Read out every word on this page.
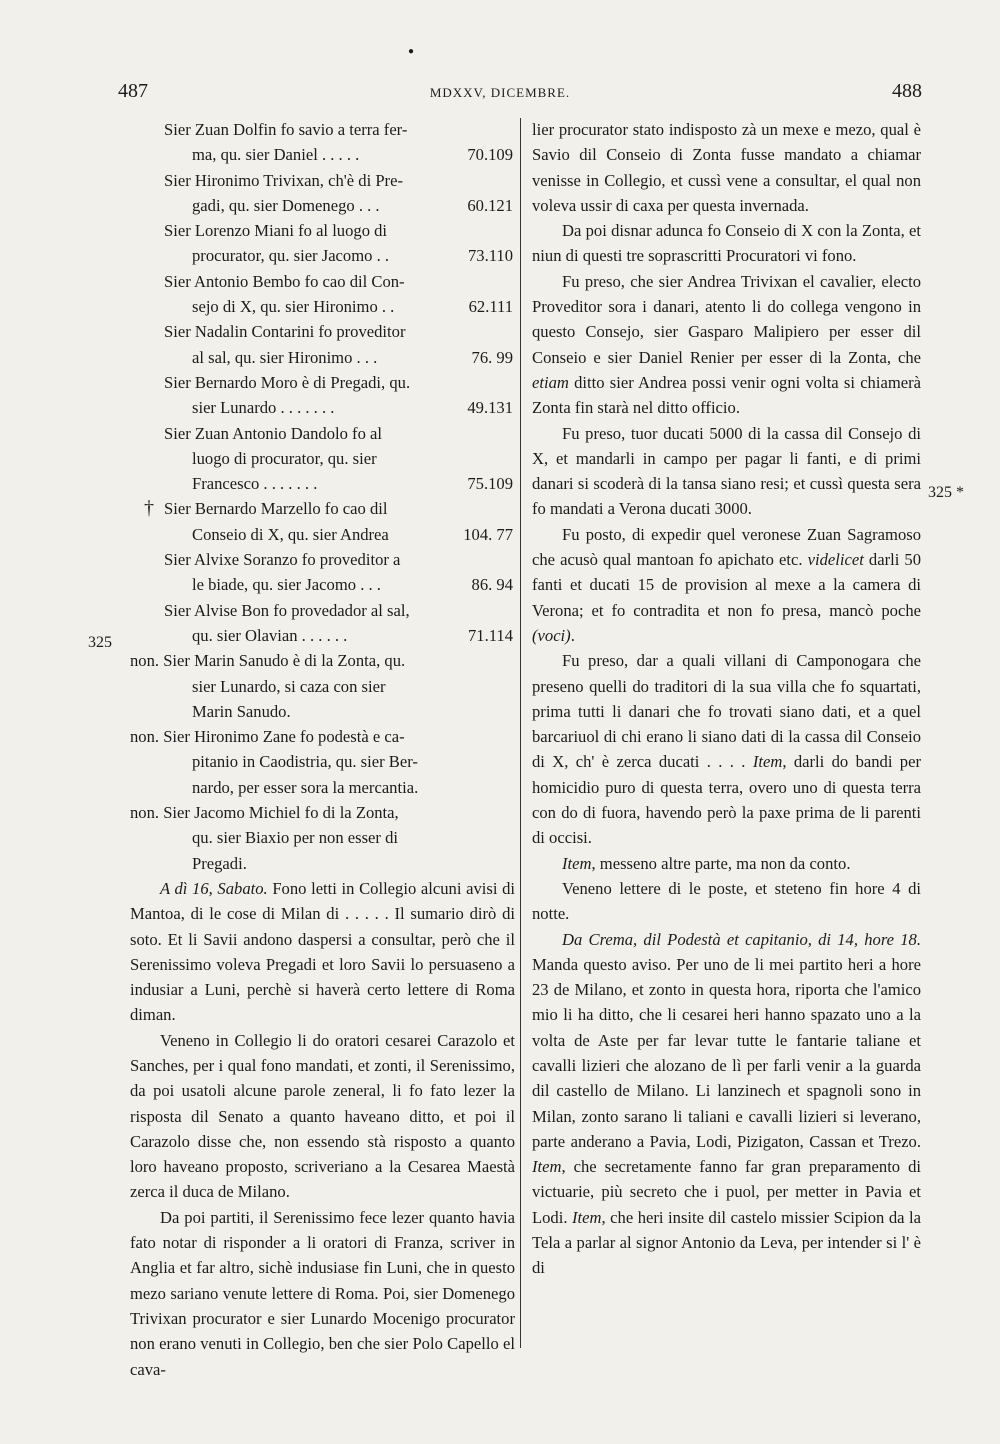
●
487	MDXXV, DICEMBRE.	488
325
325 *
Sier Zuan Dolfin fo savio a terra fer-
ma, qu. sier Daniel . . . . .	70.109
Sier Hironimo Trivixan, ch'è di Pre-
gadi, qu. sier Domenego . . .	60.121
Sier Lorenzo Miani fo al luogo di
procurator, qu. sier Jacomo . .	73.110
Sier Antonio Bembo fo cao dil Con-
sejo di X, qu. sier Hironimo . .	62.111
Sier Nadalin Contarini fo proveditor
al sal, qu. sier Hironimo . . .	76. 99
Sier Bernardo Moro è di Pregadi, qu.
sier Lunardo . . . . . . .	49.131
Sier Zuan Antonio Dandolo fo al
luogo di procurator, qu. sier
Francesco . . . . . . .	75.109
† Sier Bernardo Marzello fo cao dil
Conseio di X, qu. sier Andrea	104. 77
Sier Alvixe Soranzo fo proveditor a
le biade, qu. sier Jacomo . . .	86. 94
Sier Alvise Bon fo provedador al sal,
qu. sier Olavian . . . . . .	71.114
non. Sier Marin Sanudo è di la Zonta, qu.
sier Lunardo, si caza con sier
Marin Sanudo.
non. Sier Hironimo Zane fo podestà e ca-
pitanio in Caodistria, qu. sier Ber-
nardo, per esser sora la mercantia.
non. Sier Jacomo Michiel fo di la Zonta,
qu. sier Biaxio per non esser di
Pregadi.

A dì 16, Sabato. Fono letti in Collegio alcuni avisi di Mantoa, di le cose di Milan di . . . . . Il sumario dirò di soto. Et li Savii andono daspersi a consultar, però che il Serenissimo voleva Pregadi et loro Savii lo persuaseno a indusiar a Luni, perchè si haverà certo lettere di Roma diman.

Veneno in Collegio li do oratori cesarei Carazolo et Sanches, per i qual fono mandati, et zonti, il Serenissimo, da poi usatoli alcune parole zeneral, li fo fato lezer la risposta dil Senato a quanto haveano ditto, et poi il Carazolo disse che, non essendo stà risposto a quanto loro haveano proposto, scriveriano a la Cesarea Maestà zerca il duca de Milano.

Da poi partiti, il Serenissimo fece lezer quanto havia fato notar di risponder a li oratori di Franza, scriver in Anglia et far altro, sichè indusiase fin Luni, che in questo mezo sariano venute lettere di Roma. Poi, sier Domenego Trivixan procurator e sier Lunardo Mocenigo procurator non erano venuti in Collegio, ben che sier Polo Capello el cava-

lier procurator stato indisposto zà un mexe e mezo, qual è Savio dil Conseio di Zonta fusse mandato a chiamar venisse in Collegio, et cussì vene a consultar, el qual non voleva ussir di caxa per questa invernada.

Da poi disnar adunca fo Conseio di X con la Zonta, et niun di questi tre soprascritti Procuratori vi fono.

Fu preso, che sier Andrea Trivixan el cavalier, electo Proveditor sora i danari, atento li do collega vengono in questo Consejo, sier Gasparo Malipiero per esser dil Conseio e sier Daniel Renier per esser di la Zonta, che etiam ditto sier Andrea possi venir ogni volta si chiamerà Zonta fin starà nel ditto officio.

Fu preso, tuor ducati 5000 di la cassa dil Consejo di X, et mandarli in campo per pagar li fanti, e di primi danari si scoderà di la tansa siano resi; et cussì questa sera fo mandati a Verona ducati 3000.

Fu posto, di expedir quel veronese Zuan Sagramoso che acusò qual mantoan fo apichato etc. videlicet darli 50 fanti et ducati 15 de provision al mexe a la camera di Verona; et fo contradita et non fo presa, mancò poche (voci).

Fu preso, dar a quali villani di Camponogara che preseno quelli do traditori di la sua villa che fo squartati, prima tutti li danari che fo trovati siano dati, et a quel barcariuol di chi erano li siano dati di la cassa dil Conseio di X, ch' è zerca ducati . . . . Item, darli do bandi per homicidio puro di questa terra, overo uno di questa terra con do di fuora, havendo però la paxe prima de li parenti di occisi.

Item, messeno altre parte, ma non da conto.

Veneno lettere di le poste, et steteno fin hore 4 di notte.

Da Crema, dil Podestà et capitanio, di 14, hore 18. Manda questo aviso. Per uno de li mei partito heri a hore 23 de Milano, et zonto in questa hora, riporta che l'amico mio li ha ditto, che li cesarei heri hanno spazato uno a la volta de Aste per far levar tutte le fantarie taliane et cavalli lizieri che alozano de lì per farli venir a la guarda dil castello de Milano. Li lanzinech et spagnoli sono in Milan, zonto sarano li taliani e cavalli lizieri si leverano, parte anderano a Pavia, Lodi, Pizigaton, Cassan et Trezo. Item, che secretamente fanno far gran preparamento di victuarie, più secreto che i puol, per metter in Pavia et Lodi. Item, che heri insite dil castelo missier Scipion da la Tela a parlar al signor Antonio da Leva, per intender si l' è di
